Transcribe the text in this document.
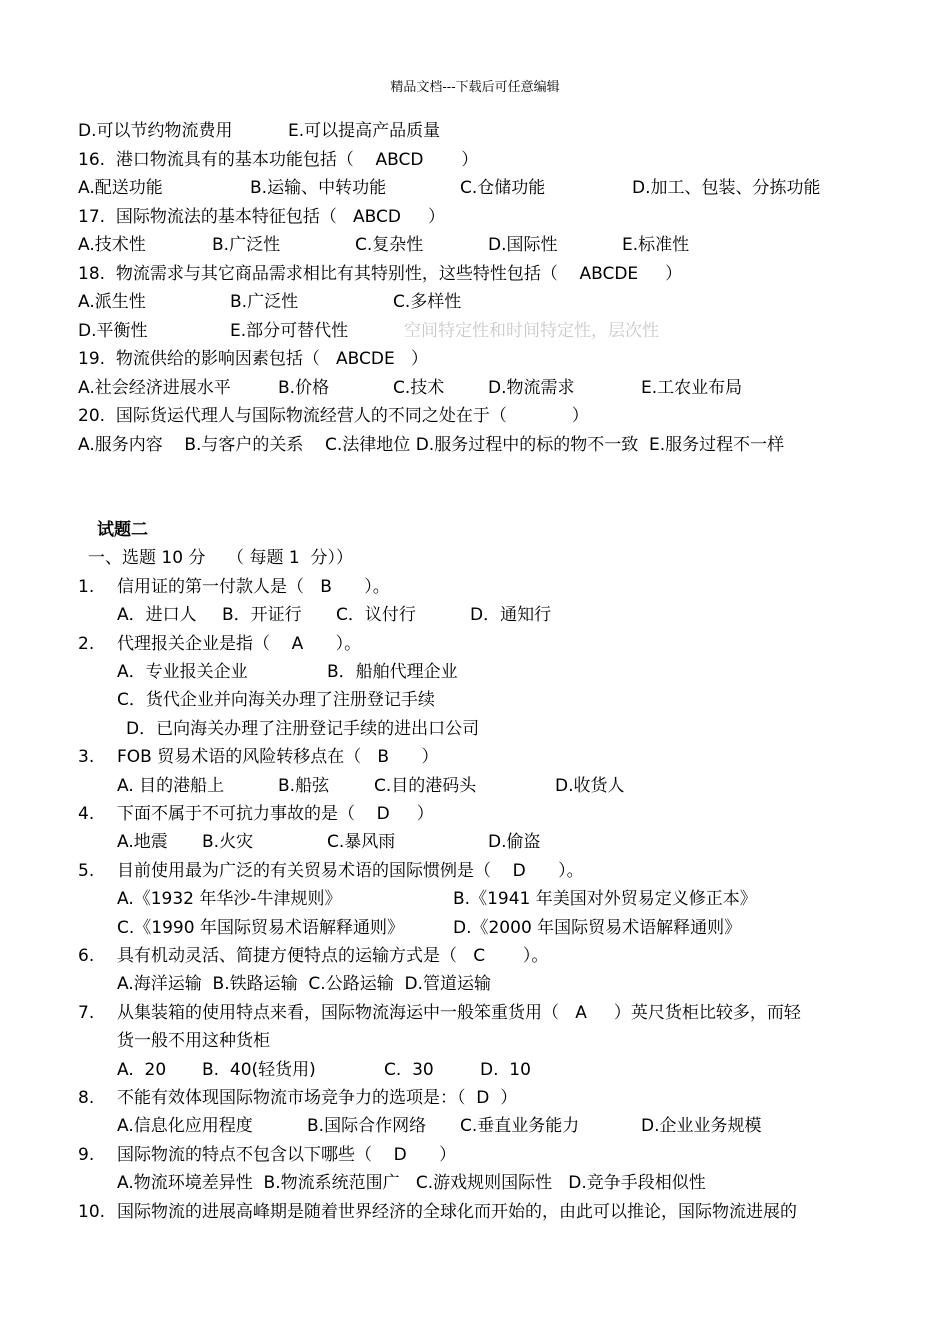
精品文档---下载后可任意编辑

D.可以节约物流费用

	E.可以提高产品质量

16.  港口物流具有的基本功能包括（    ABCD       ）

A.配送功能

	B.运输、中转功能

	C.仓储功能

	D.加工、包装、分拣功能

17.  国际物流法的基本特征包括（   ABCD     ）

A.技术性

	B.广泛性

	C.复杂性

	D.国际性

	E.标准性

18.  物流需求与其它商品需求相比有其特别性，这些特性包括（    ABCDE     ）

A.派生性

	B.广泛性

	C.多样性

D.平衡性

	E.部分可替代性

	空间特定性和时间特定性，层次性

19.  物流供给的影响因素包括（   ABCDE   ）

A.社会经济进展水平

	B.价格

	C.技术

	D.物流需求

	E.工农业布局

20.  国际货运代理人与国际物流经营人的不同之处在于（            ）

A.服务内容    B.与客户的关系    C.法律地位 D.服务过程中的标的物不一致  E.服务过程不一样

试题二

一、选题 10 分    （ 每题 1  分））

1.

信用证的第一付款人是（   B      ）。

A．进口人

B．开证行

C．议付行

	D．通知行

2.

代理报关企业是指（    A      ）。

A．专业报关企业

	B．船舶代理企业

C．货代企业并向海关办理了注册登记手续

D．已向海关办理了注册登记手续的进出口公司

3.

FOB 贸易术语的风险转移点在（   B      ）

A. 目的港船上

	B.船弦

	C.目的港码头

	D.收货人

4.

下面不属于不可抗力事故的是（    D     ）

A.地震

B.火灾

	C.暴风雨

	D.偷盗

5.

目前使用最为广泛的有关贸易术语的国际惯例是（    D      ）。

A.《1932 年华沙-牛津规则》

	B.《1941 年美国对外贸易定义修正本》

C.《1990 年国际贸易术语解释通则》

	D.《2000 年国际贸易术语解释通则》

6.

具有机动灵活、简捷方便特点的运输方式是（   C       ）。

A.海洋运输  B.铁路运输  C.公路运输  D.管道运输

7.

从集装箱的使用特点来看，国际物流海运中一般笨重货用（   A     ）英尺货柜比较多，而轻

货一般不用这种货柜

A.  20

B.  40(轻货用)

	C.  30

	D.  10

8.

不能有效体现国际物流市场竞争力的选项是：（  D  ）

A.信息化应用程度

	B.国际合作网络

C.垂直业务能力

	D.企业业务规模

9.

国际物流的特点不包含以下哪些（    D      ）

A.物流环境差异性  B.物流系统范围广   C.游戏规则国际性   D.竞争手段相似性

10.

国际物流的进展高峰期是随着世界经济的全球化而开始的，由此可以推论，国际物流进展的
